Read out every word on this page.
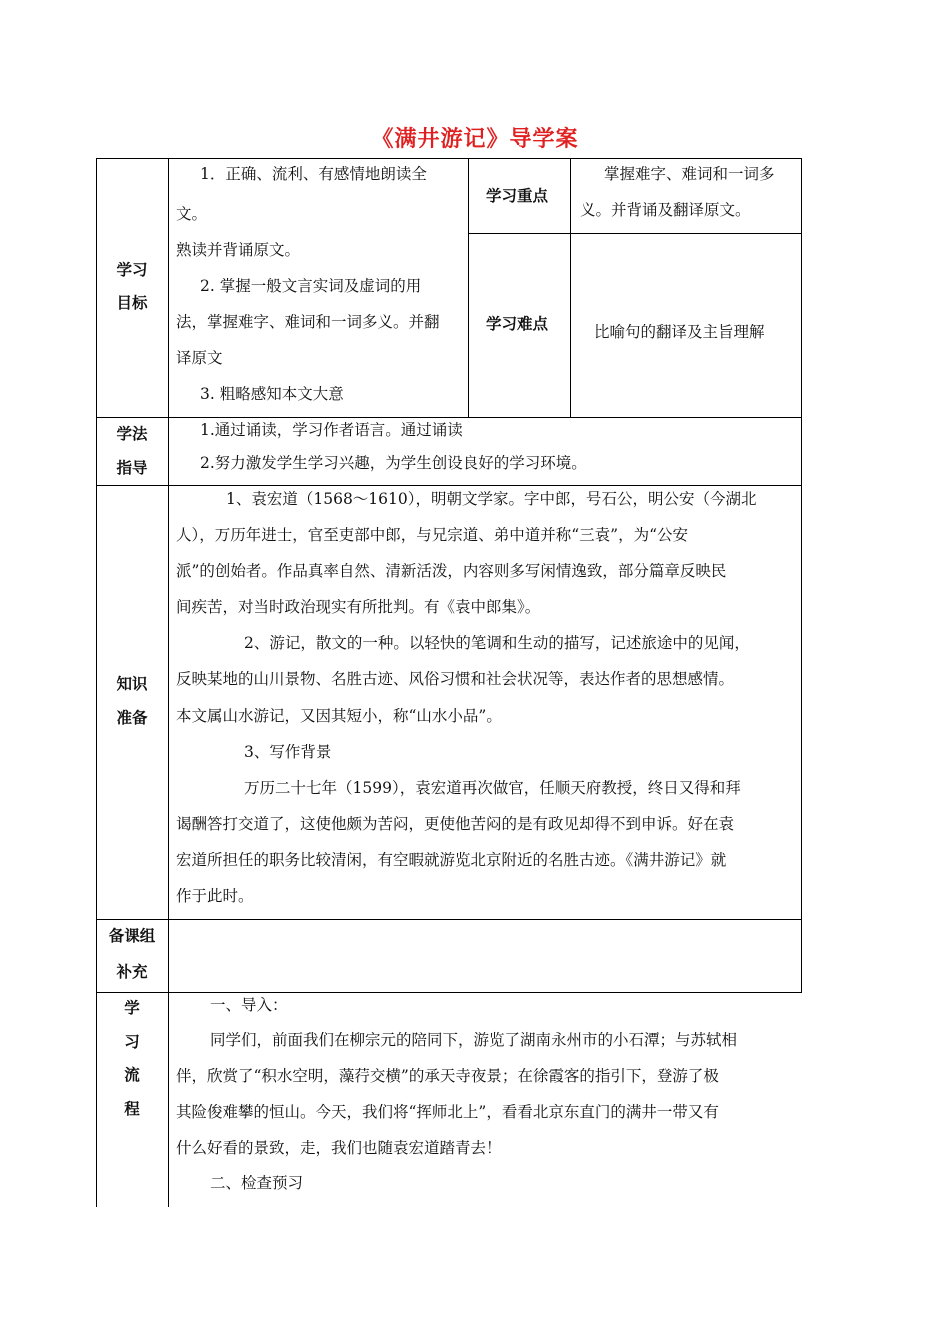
《满井游记》导学案
学习
目标
1．正确、流利、有感情地朗读全
文。
熟读并背诵原文。
2. 掌握一般文言实词及虚词的用
法，掌握难字、难词和一词多义。并翻
译原文
3. 粗略感知本文大意
学习重点
掌握难字、难词和一词多
义。并背诵及翻译原文。
学习难点	比喻句的翻译及主旨理解
学法
指导
1.通过诵读，学习作者语言。通过诵读
2.努力激发学生学习兴趣，为学生创设良好的学习环境。
知识
准备
1、袁宏道（1568～1610），明朝文学家。字中郎，号石公，明公安（今湖北
人），万历年进士，官至吏部中郎，与兄宗道、弟中道并称“三袁”，为“公安
派”的创始者。作品真率自然、清新活泼，内容则多写闲情逸致，部分篇章反映民
间疾苦，对当时政治现实有所批判。有《袁中郎集》。
2、游记，散文的一种。以轻快的笔调和生动的描写，记述旅途中的见闻，
反映某地的山川景物、名胜古迹、风俗习惯和社会状况等，表达作者的思想感情。
本文属山水游记，又因其短小，称“山水小品”。
3、写作背景
万历二十七年（1599），袁宏道再次做官，任顺天府教授，终日又得和拜
谒酬答打交道了，这使他颇为苦闷，更使他苦闷的是有政见却得不到申诉。好在袁
宏道所担任的职务比较清闲，有空暇就游览北京附近的名胜古迹。《满井游记》就
作于此时。
备课组
补充
学
习
流
程
一、导入：
同学们，前面我们在柳宗元的陪同下，游览了湖南永州市的小石潭；与苏轼相
伴，欣赏了“积水空明，藻荇交横”的承天寺夜景；在徐霞客的指引下，登游了极
其险俊难攀的恒山。今天，我们将“挥师北上”，看看北京东直门的满井一带又有
什么好看的景致，走，我们也随袁宏道踏青去！
二、检查预习
